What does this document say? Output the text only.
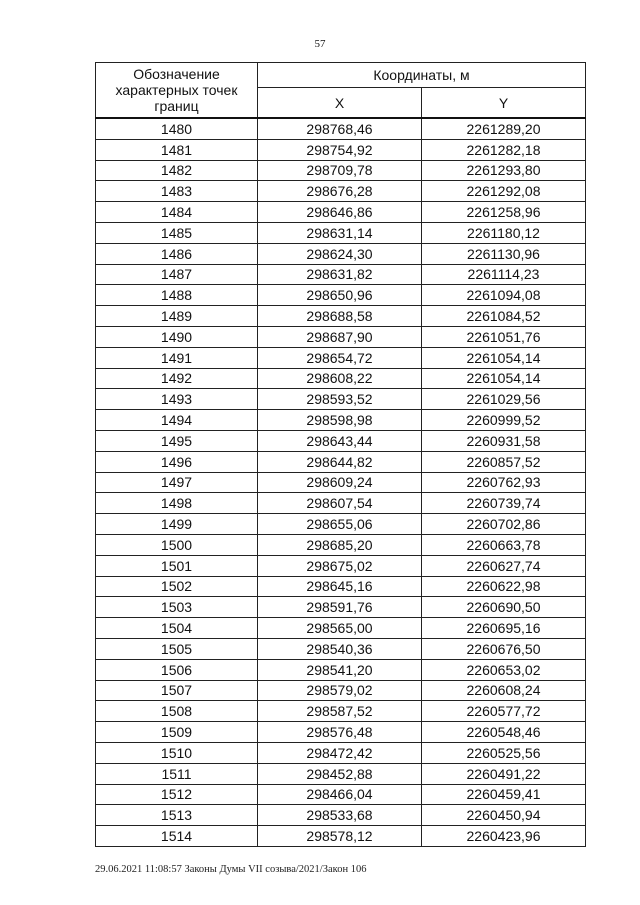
57
Обозначение характерных точек границ	Координаты, м	
	X	Y
1480	298768,46	2261289,20
1481	298754,92	2261282,18
1482	298709,78	2261293,80
1483	298676,28	2261292,08
1484	298646,86	2261258,96
1485	298631,14	2261180,12
1486	298624,30	2261130,96
1487	298631,82	2261114,23
1488	298650,96	2261094,08
1489	298688,58	2261084,52
1490	298687,90	2261051,76
1491	298654,72	2261054,14
1492	298608,22	2261054,14
1493	298593,52	2261029,56
1494	298598,98	2260999,52
1495	298643,44	2260931,58
1496	298644,82	2260857,52
1497	298609,24	2260762,93
1498	298607,54	2260739,74
1499	298655,06	2260702,86
1500	298685,20	2260663,78
1501	298675,02	2260627,74
1502	298645,16	2260622,98
1503	298591,76	2260690,50
1504	298565,00	2260695,16
1505	298540,36	2260676,50
1506	298541,20	2260653,02
1507	298579,02	2260608,24
1508	298587,52	2260577,72
1509	298576,48	2260548,46
1510	298472,42	2260525,56
1511	298452,88	2260491,22
1512	298466,04	2260459,41
1513	298533,68	2260450,94
1514	298578,12	2260423,96
29.06.2021 11:08:57 Законы Думы VII созыва/2021/Закон 106
